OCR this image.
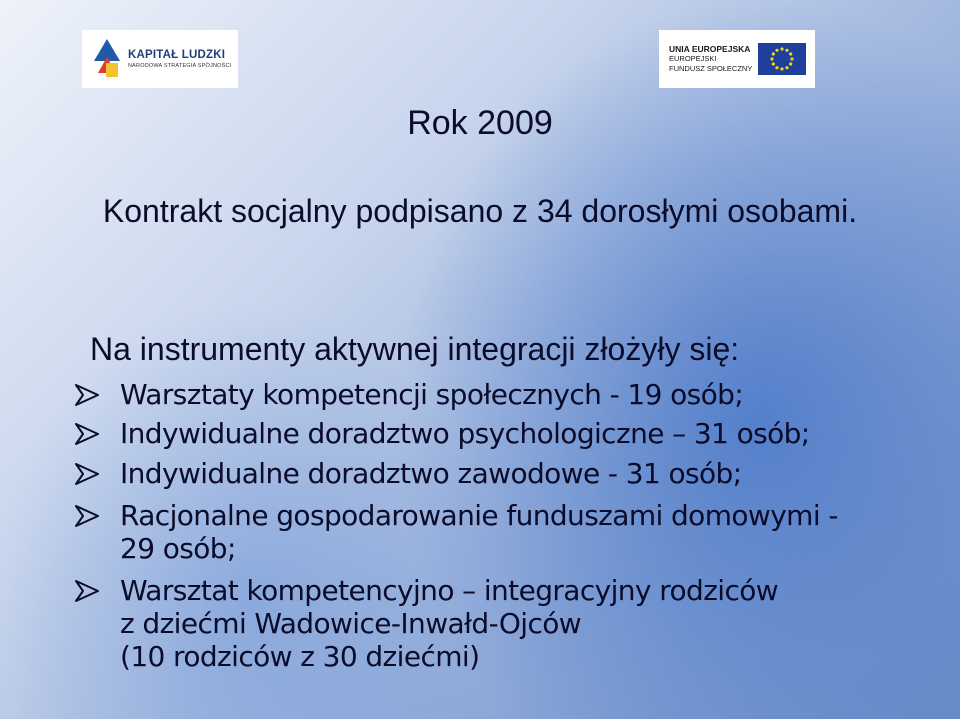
KAPITAŁ LUDZKI
NARODOWA STRATEGIA SPÓJNOŚCI
UNIA EUROPEJSKA
EUROPEJSKI
FUNDUSZ SPOŁECZNY
Rok 2009
Kontrakt socjalny podpisano z 34 dorosłymi osobami.
Na instrumenty aktywnej integracji złożyły się:
Warsztaty kompetencji społecznych - 19 osób;
Indywidualne doradztwo psychologiczne – 31 osób;
Indywidualne doradztwo zawodowe - 31 osób;
Racjonalne gospodarowanie funduszami domowymi -
29 osób;
Warsztat kompetencyjno – integracyjny rodziców
z dziećmi Wadowice-Inwałd-Ojców
(10 rodziców z 30 dziećmi)
